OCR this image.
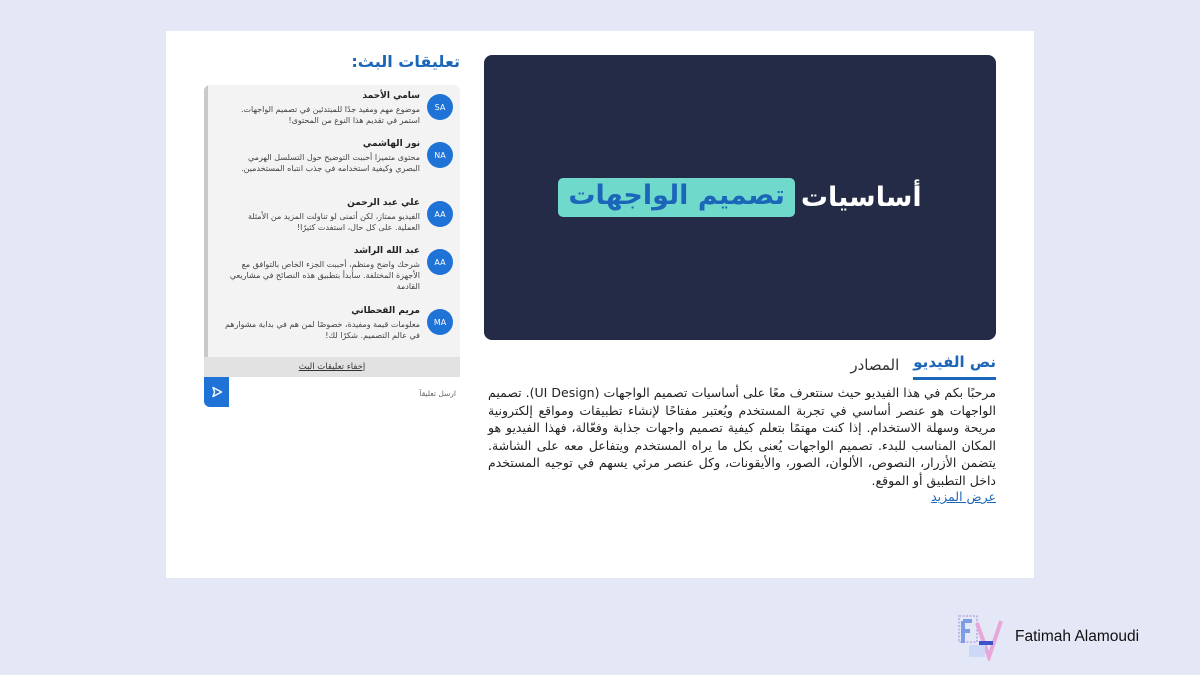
أساسيات
تصميم الواجهات
نص الفيديو
المصادر
مرحبًا بكم في هذا الفيديو حيث سنتعرف معًا على أساسيات تصميم الواجهات (UI Design). تصميم الواجهات هو عنصر أساسي في تجربة المستخدم ويُعتبر مفتاحًا لإنشاء تطبيقات ومواقع إلكترونية مريحة وسهلة الاستخدام. إذا كنت مهتمًا بتعلم كيفية تصميم واجهات جذابة وفعّالة، فهذا الفيديو هو المكان المناسب للبدء. تصميم الواجهات يُعنى بكل ما يراه المستخدم ويتفاعل معه على الشاشة. يتضمن الأزرار، النصوص، الألوان، الصور، والأيقونات، وكل عنصر مرئي يسهم في توجيه المستخدم داخل التطبيق أو الموقع.
عرض المزيد
تعليقات البث:
SA
سامي الأحمد
موضوع مهم ومفيد جدًا للمبتدئين في تصميم الواجهات. استمر في تقديم هذا النوع من المحتوى!
NA
نور الهاشمي
محتوى متميزا أحببت التوضيح حول التسلسل الهرمي البصري وكيفية استخدامه في جذب انتباه المستخدمين.
AA
علي عبد الرحمن
الفيديو ممتاز، لكن أتمنى لو تناولت المزيد من الأمثلة العملية. على كل حال، استفدت كثيرًا!
AA
عبد الله الراشد
شرحك واضح ومنظم، أحببت الجزء الخاص بالتوافق مع الأجهزة المختلفة. سأبدأ بتطبيق هذه النصائح في مشاريعي القادمة
MA
مريم القحطاني
معلومات قيمة ومفيدة، خصوصًا لمن هم في بداية مشوارهم في عالم التصميم. شكرًا لك!
إخفاء تعليقات البث
ارسل تعليقاً
Fatimah Alamoudi
